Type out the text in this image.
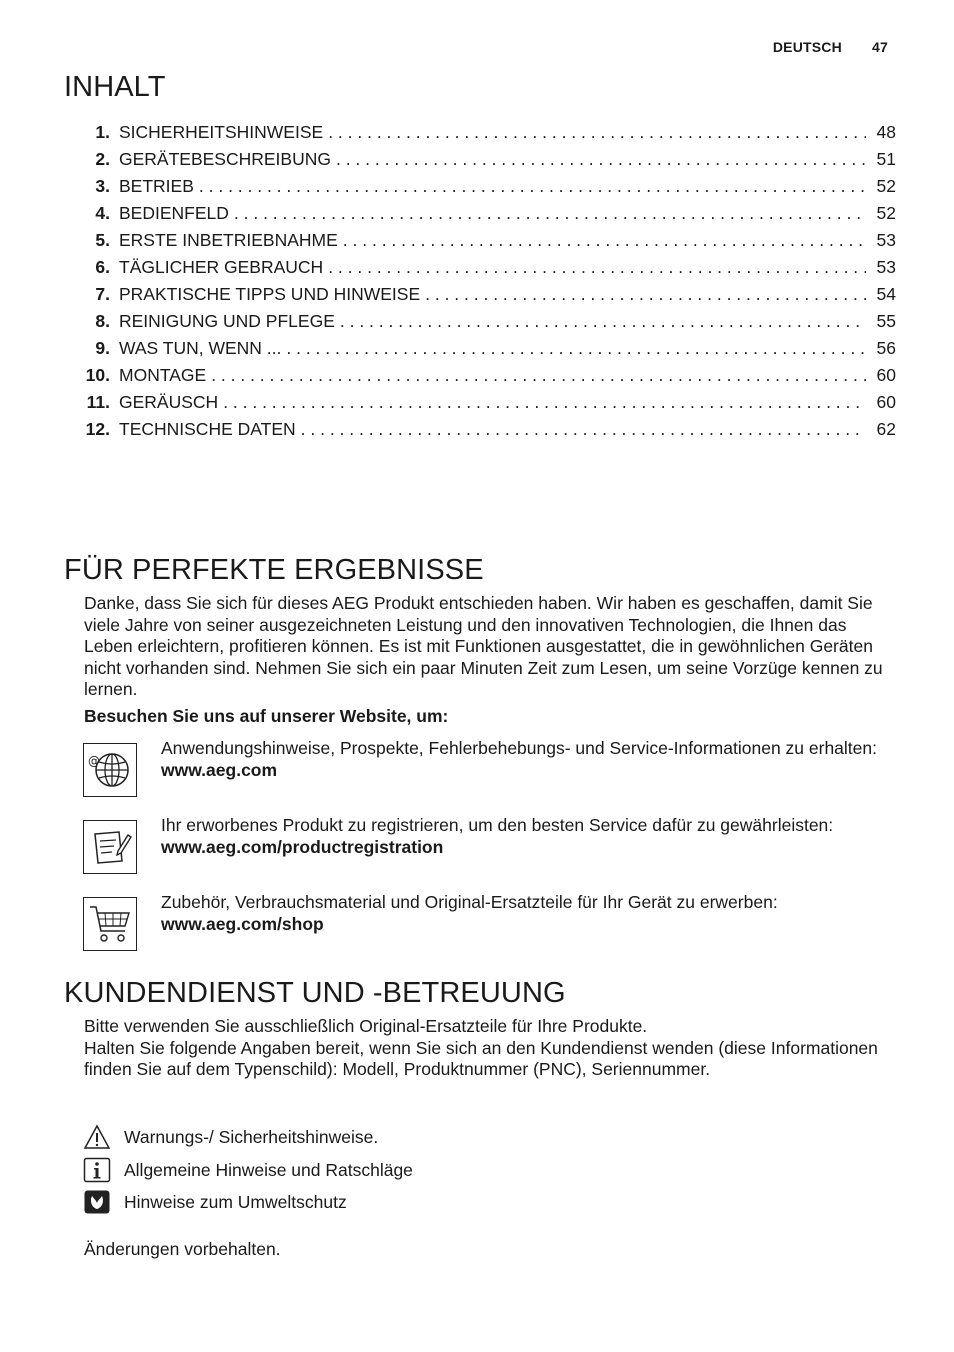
DEUTSCH 47
INHALT
1. SICHERHEITSHINWEISE . . .	48
2. GERÄTEBESCHREIBUNG . . .	51
3. BETRIEB . . .	52
4. BEDIENFELD . . .	52
5. ERSTE INBETRIEBNAHME . . .	53
6. TÄGLICHER GEBRAUCH . . .	53
7. PRAKTISCHE TIPPS UND HINWEISE . . .	54
8. REINIGUNG UND PFLEGE . . .	55
9. WAS TUN, WENN ... . . .	56
10. MONTAGE . . .	60
11. GERÄUSCH . . .	60
12. TECHNISCHE DATEN . . .	62
FÜR PERFEKTE ERGEBNISSE

Danke, dass Sie sich für dieses AEG Produkt entschieden haben. Wir haben es geschaffen, damit Sie viele Jahre von seiner ausgezeichneten Leistung und den innovativen Technologien, die Ihnen das Leben erleichtern, profitieren können. Es ist mit Funktionen ausgestattet, die in gewöhnlichen Geräten nicht vorhanden sind. Nehmen Sie sich ein paar Minuten Zeit zum Lesen, um seine Vorzüge kennen zu lernen.

Besuchen Sie uns auf unserer Website, um:

@
Anwendungshinweise, Prospekte, Fehlerbehebungs- und Service-Informationen zu erhalten:
www.aeg.com
Ihr erworbenes Produkt zu registrieren, um den besten Service dafür zu gewährleisten:
www.aeg.com/productregistration
Zubehör, Verbrauchsmaterial und Original-Ersatzteile für Ihr Gerät zu erwerben:
www.aeg.com/shop
KUNDENDIENST UND -BETREUUNG
Bitte verwenden Sie ausschließlich Original-Ersatzteile für Ihre Produkte.
Halten Sie folgende Angaben bereit, wenn Sie sich an den Kundendienst wenden (diese Informationen finden Sie auf dem Typenschild): Modell, Produktnummer (PNC), Seriennummer.
Warnungs-/ Sicherheitshinweise.
Allgemeine Hinweise und Ratschläge
Hinweise zum Umweltschutz

Änderungen vorbehalten.
